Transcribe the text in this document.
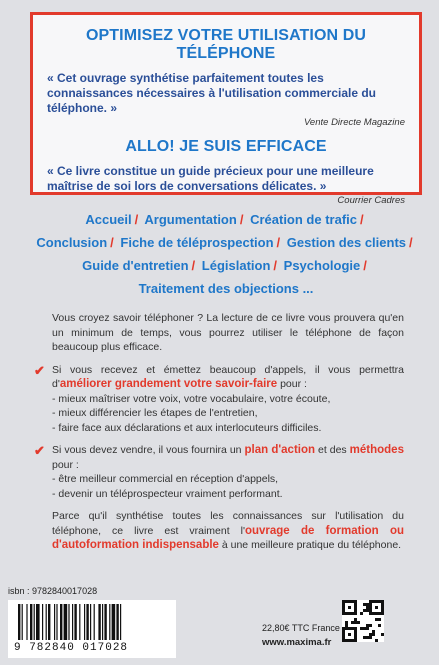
OPTIMISEZ VOTRE UTILISATION DU TÉLÉPHONE

« Cet ouvrage synthétise parfaitement toutes les connaissances nécessaires à l'utilisation commerciale du téléphone. »

Vente Directe Magazine

ALLO! JE SUIS EFFICACE

« Ce livre constitue un guide précieux pour une meilleure maîtrise de soi lors de conversations délicates. »

Courrier Cadres
Accueil / Argumentation / Création de trafic /
Conclusion / Fiche de téléprospection / Gestion des clients /
Guide d'entretien / Législation / Psychologie /
Traitement des objections ...

Vous croyez savoir téléphoner ? La lecture de ce livre vous prouvera qu'en un minimum de temps, vous pourrez utiliser le téléphone de façon beaucoup plus efficace.

✔ Si vous recevez et émettez beaucoup d'appels, il vous permettra d'améliorer grandement votre savoir-faire pour :

- mieux maîtriser votre voix, votre vocabulaire, votre écoute,
- mieux différencier les étapes de l'entretien,
- faire face aux déclarations et aux interlocuteurs difficiles.
✔ Si vous devez vendre, il vous fournira un plan d'action et des méthodes pour :

- être meilleur commercial en réception d'appels,
- devenir un téléprospecteur vraiment performant.

Parce qu'il synthétise toutes les connaissances sur l'utilisation du téléphone, ce livre est vraiment l'ouvrage de formation ou d'autoformation indispensable à une meilleure pratique du téléphone.

isbn : 9782840017028
9 782840 017028
22,80€ TTC France
www.maxima.fr
